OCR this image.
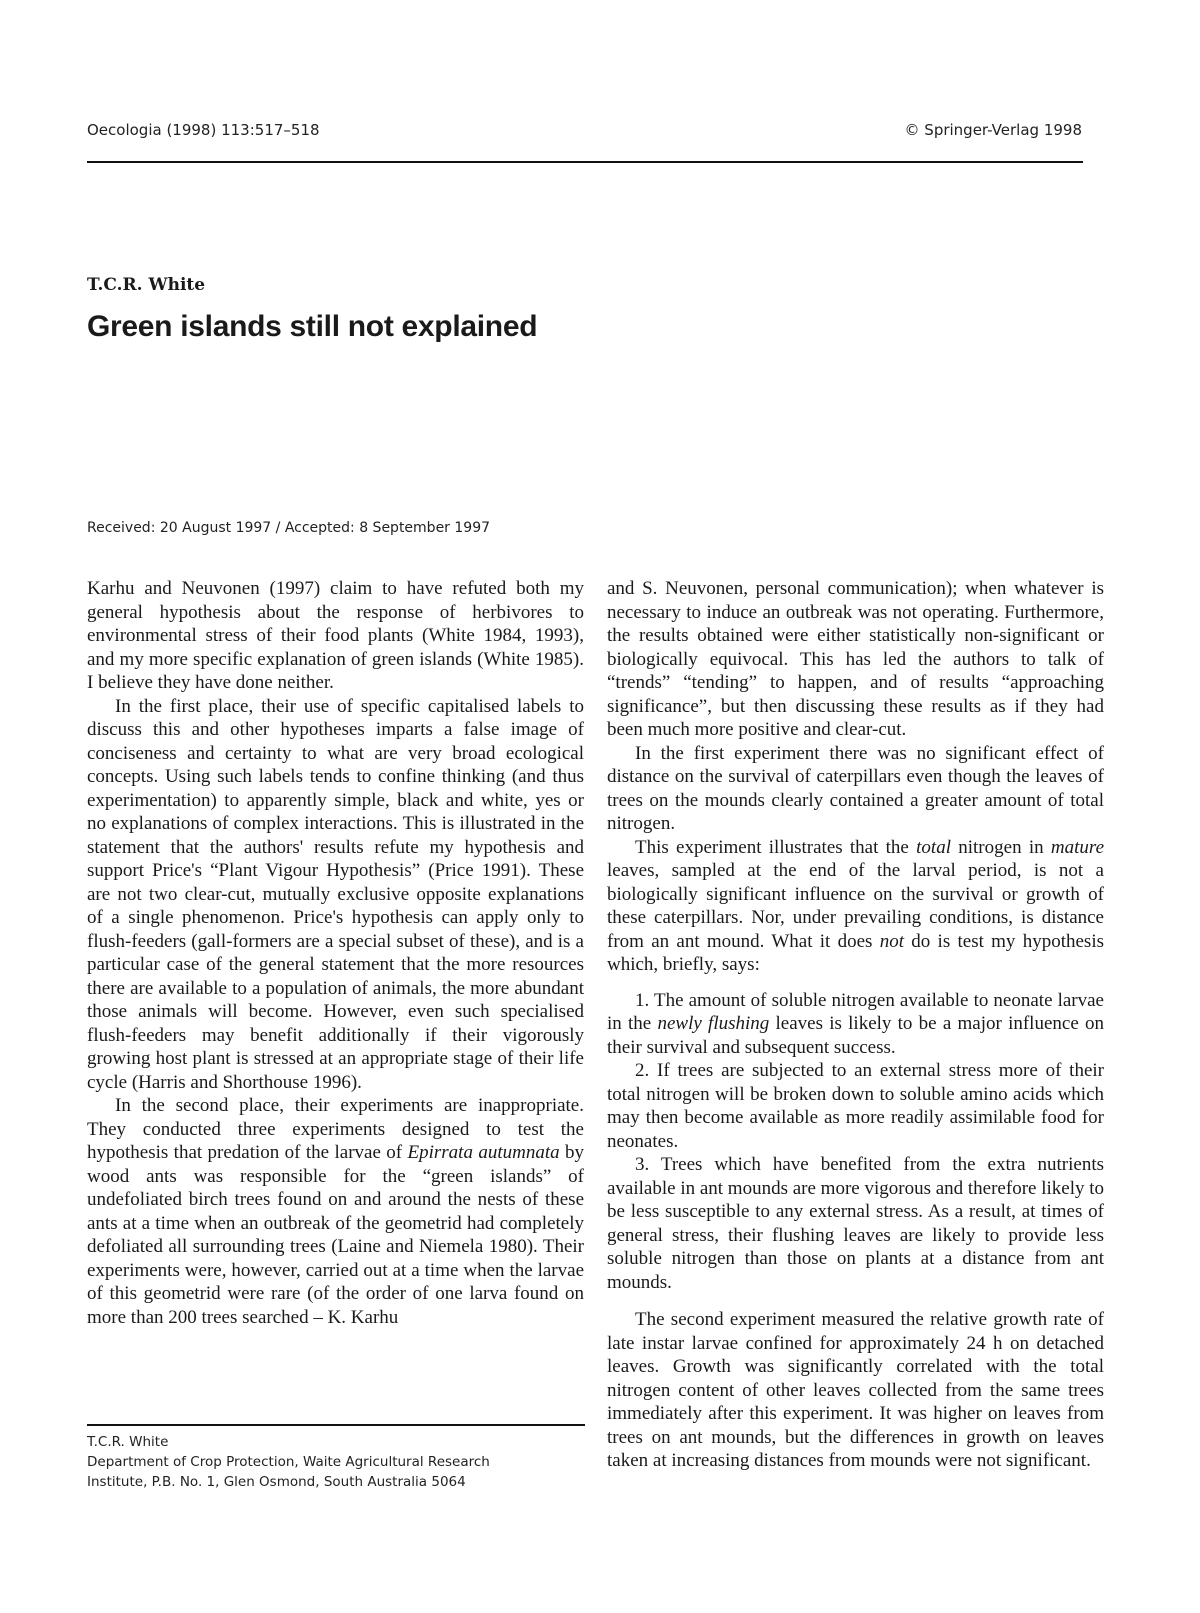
Oecologia (1998) 113:517–518	© Springer-Verlag 1998
T.C.R. White
Green islands still not explained
Received: 20 August 1997 / Accepted: 8 September 1997

Karhu and Neuvonen (1997) claim to have refuted both my general hypothesis about the response of herbivores to environmental stress of their food plants (White 1984, 1993), and my more specific explanation of green islands (White 1985). I believe they have done neither.

In the first place, their use of specific capitalised labels to discuss this and other hypotheses imparts a false image of conciseness and certainty to what are very broad ecological concepts. Using such labels tends to confine thinking (and thus experimentation) to apparently simple, black and white, yes or no explanations of complex interactions. This is illustrated in the statement that the authors' results refute my hypothesis and support Price's “Plant Vigour Hypothesis” (Price 1991). These are not two clear-cut, mutually exclusive opposite explanations of a single phenomenon. Price's hypothesis can apply only to flush-feeders (gall-formers are a special subset of these), and is a particular case of the general statement that the more resources there are available to a population of animals, the more abundant those animals will become. However, even such specialised flush-feeders may benefit additionally if their vigorously growing host plant is stressed at an appropriate stage of their life cycle (Harris and Shorthouse 1996).

In the second place, their experiments are inappropriate. They conducted three experiments designed to test the hypothesis that predation of the larvae of Epirrata autumnata by wood ants was responsible for the “green islands” of undefoliated birch trees found on and around the nests of these ants at a time when an outbreak of the geometrid had completely defoliated all surrounding trees (Laine and Niemela 1980). Their experiments were, however, carried out at a time when the larvae of this geometrid were rare (of the order of one larva found on more than 200 trees searched – K. Karhu

and S. Neuvonen, personal communication); when whatever is necessary to induce an outbreak was not operating. Furthermore, the results obtained were either statistically non-significant or biologically equivocal. This has led the authors to talk of “trends” “tending” to happen, and of results “approaching significance”, but then discussing these results as if they had been much more positive and clear-cut.

In the first experiment there was no significant effect of distance on the survival of caterpillars even though the leaves of trees on the mounds clearly contained a greater amount of total nitrogen.

This experiment illustrates that the total nitrogen in mature leaves, sampled at the end of the larval period, is not a biologically significant influence on the survival or growth of these caterpillars. Nor, under prevailing conditions, is distance from an ant mound. What it does not do is test my hypothesis which, briefly, says:

1. The amount of soluble nitrogen available to neonate larvae in the newly flushing leaves is likely to be a major influence on their survival and subsequent success.

2. If trees are subjected to an external stress more of their total nitrogen will be broken down to soluble amino acids which may then become available as more readily assimilable food for neonates.

3. Trees which have benefited from the extra nutrients available in ant mounds are more vigorous and therefore likely to be less susceptible to any external stress. As a result, at times of general stress, their flushing leaves are likely to provide less soluble nitrogen than those on plants at a distance from ant mounds.

The second experiment measured the relative growth rate of late instar larvae confined for approximately 24 h on detached leaves. Growth was significantly correlated with the total nitrogen content of other leaves collected from the same trees immediately after this experiment. It was higher on leaves from trees on ant mounds, but the differences in growth on leaves taken at increasing distances from mounds were not significant.

T.C.R. White
Department of Crop Protection, Waite Agricultural Research
Institute, P.B. No. 1, Glen Osmond, South Australia 5064
